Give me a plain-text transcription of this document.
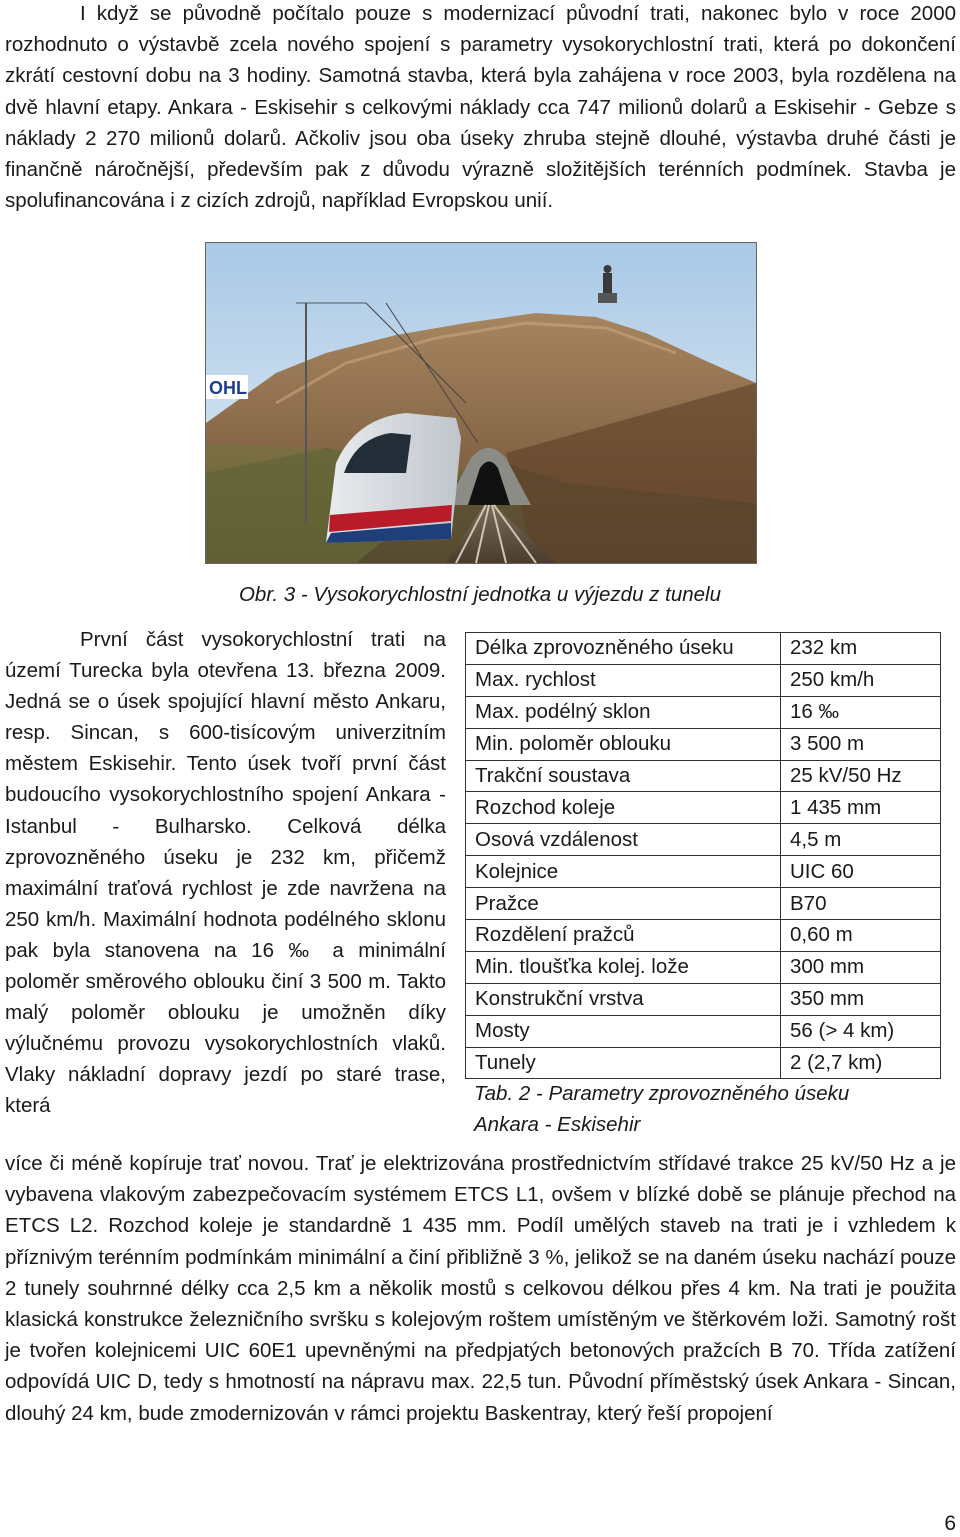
I když se původně počítalo pouze s modernizací původní trati, nakonec bylo v roce 2000 rozhodnuto o výstavbě zcela nového spojení s parametry vysokorychlostní trati, která po dokončení zkrátí cestovní dobu na 3 hodiny. Samotná stavba, která byla zahájena v roce 2003, byla rozdělena na dvě hlavní etapy. Ankara - Eskisehir s celkovými náklady cca 747 milionů dolarů a Eskisehir - Gebze s náklady 2 270 milionů dolarů. Ačkoliv jsou oba úseky zhruba stejně dlouhé, výstavba druhé části je finančně náročnější, především pak z důvodu výrazně složitějších terénních podmínek. Stavba je spolufinancována i z cizích zdrojů, například Evropskou unií.

OHL
Obr. 3 - Vysokorychlostní jednotka u výjezdu z tunelu

První část vysokorychlostní trati na území Turecka byla otevřena 13. března 2009. Jedná se o úsek spojující hlavní město Ankaru, resp. Sincan, s 600-tisícovým univerzitním městem Eskisehir. Tento úsek tvoří první část budoucího vysokorychlostního spojení Ankara - Istanbul - Bulharsko. Celková délka zprovozněného úseku je 232 km, přičemž maximální traťová rychlost je zde navržena na 250 km/h. Maximální hodnota podélného sklonu pak byla stanovena na 16 ‰ a minimální poloměr směrového oblouku činí 3 500 m. Takto malý poloměr oblouku je umožněn díky výlučnému provozu vysokorychlostních vlaků. Vlaky nákladní dopravy jezdí po staré trase, která

Délka zprovozněného úseku	232 km
Max. rychlost	250 km/h
Max. podélný sklon	16 ‰
Min. poloměr oblouku	3 500 m
Trakční soustava	25 kV/50 Hz
Rozchod koleje	1 435 mm
Osová vzdálenost	4,5 m
Kolejnice	UIC 60
Pražce	B70
Rozdělení pražců	0,60 m
Min. tloušťka kolej. lože	300 mm
Konstrukční vrstva	350 mm
Mosty	56 (> 4 km)
Tunely	2 (2,7 km)
Tab. 2 - Parametry zprovozněného úseku
Ankara - Eskisehir

více či méně kopíruje trať novou. Trať je elektrizována prostřednictvím střídavé trakce 25 kV/50 Hz a je vybavena vlakovým zabezpečovacím systémem ETCS L1, ovšem v blízké době se plánuje přechod na ETCS L2. Rozchod koleje je standardně 1 435 mm. Podíl umělých staveb na trati je i vzhledem k příznivým terénním podmínkám minimální a činí přibližně 3 %, jelikož se na daném úseku nachází pouze 2 tunely souhrnné délky cca 2,5 km a několik mostů s celkovou délkou přes 4 km. Na trati je použita klasická konstrukce železničního svršku s kolejovým roštem umístěným ve štěrkovém loži. Samotný rošt je tvořen kolejnicemi UIC 60E1 upevněnými na předpjatých betonových pražcích B 70. Třída zatížení odpovídá UIC D, tedy s hmotností na nápravu max. 22,5 tun. Původní příměstský úsek Ankara - Sincan, dlouhý 24 km, bude zmodernizován v rámci projektu Baskentray, který řeší propojení

6
